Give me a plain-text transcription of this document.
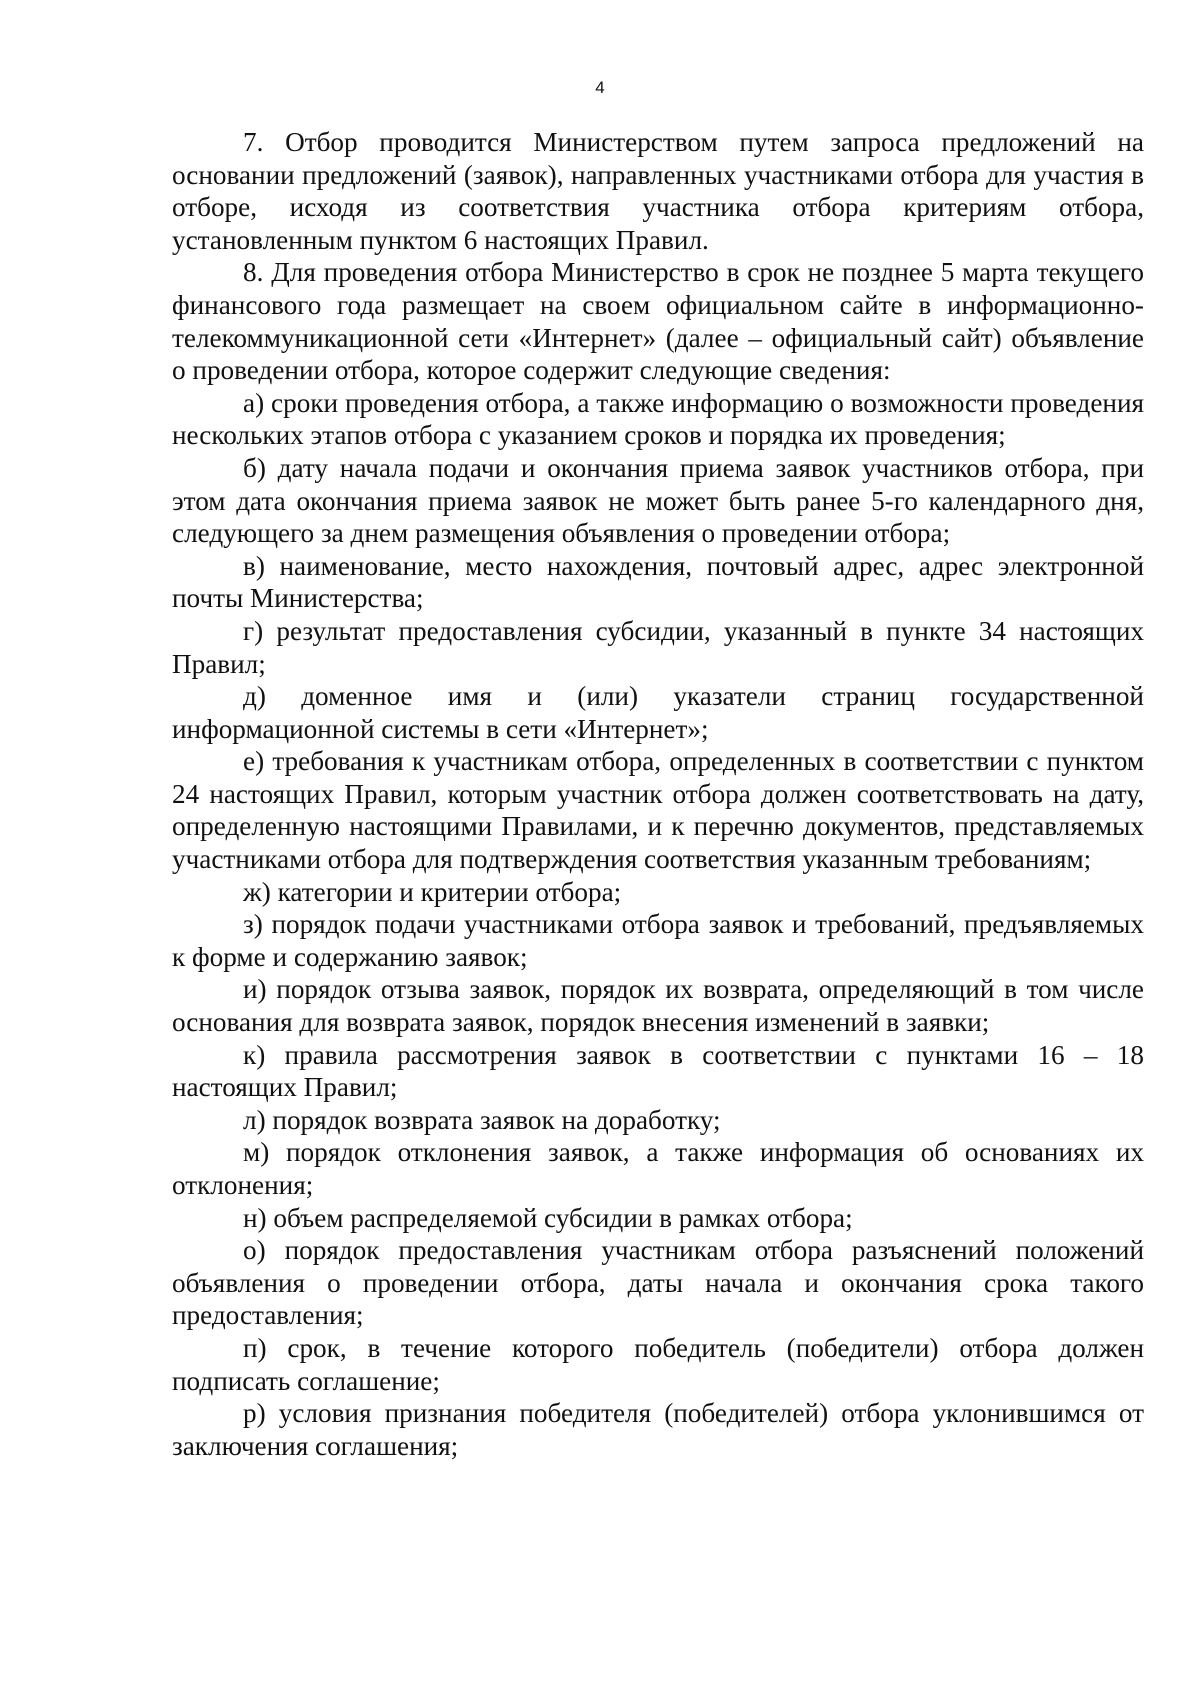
4

7. Отбор проводится Министерством путем запроса предложений на основании предложений (заявок), направленных участниками отбора для участия в отборе, исходя из соответствия участника отбора критериям отбора, установленным пунктом 6 настоящих Правил.

8. Для проведения отбора Министерство в срок не позднее 5 марта текущего финансового года размещает на своем официальном сайте в информационно-телекоммуникационной сети «Интернет» (далее – официальный сайт) объявление о проведении отбора, которое содержит следующие сведения:

а) сроки проведения отбора, а также информацию о возможности проведения нескольких этапов отбора с указанием сроков и порядка их проведения;

б) дату начала подачи и окончания приема заявок участников отбора, при этом дата окончания приема заявок не может быть ранее 5-го календарного дня, следующего за днем размещения объявления о проведении отбора;

в) наименование, место нахождения, почтовый адрес, адрес электронной почты Министерства;

г) результат предоставления субсидии, указанный в пункте 34 настоящих Правил;

д) доменное имя и (или) указатели страниц государственной информационной системы в сети «Интернет»;

е) требования к участникам отбора, определенных в соответствии с пунктом 24 настоящих Правил, которым участник отбора должен соответствовать на дату, определенную настоящими Правилами, и к перечню документов, представляемых участниками отбора для подтверждения соответствия указанным требованиям;

ж) категории и критерии отбора;

з) порядок подачи участниками отбора заявок и требований, предъявляемых к форме и содержанию заявок;

и) порядок отзыва заявок, порядок их возврата, определяющий в том числе основания для возврата заявок, порядок внесения изменений в заявки;

к) правила рассмотрения заявок в соответствии с пунктами 16 – 18 настоящих Правил;

л) порядок возврата заявок на доработку;

м) порядок отклонения заявок, а также информация об основаниях их отклонения;

н) объем распределяемой субсидии в рамках отбора;

о) порядок предоставления участникам отбора разъяснений положений объявления о проведении отбора, даты начала и окончания срока такого предоставления;

п) срок, в течение которого победитель (победители) отбора должен подписать соглашение;

р) условия признания победителя (победителей) отбора уклонившимся от заключения соглашения;
